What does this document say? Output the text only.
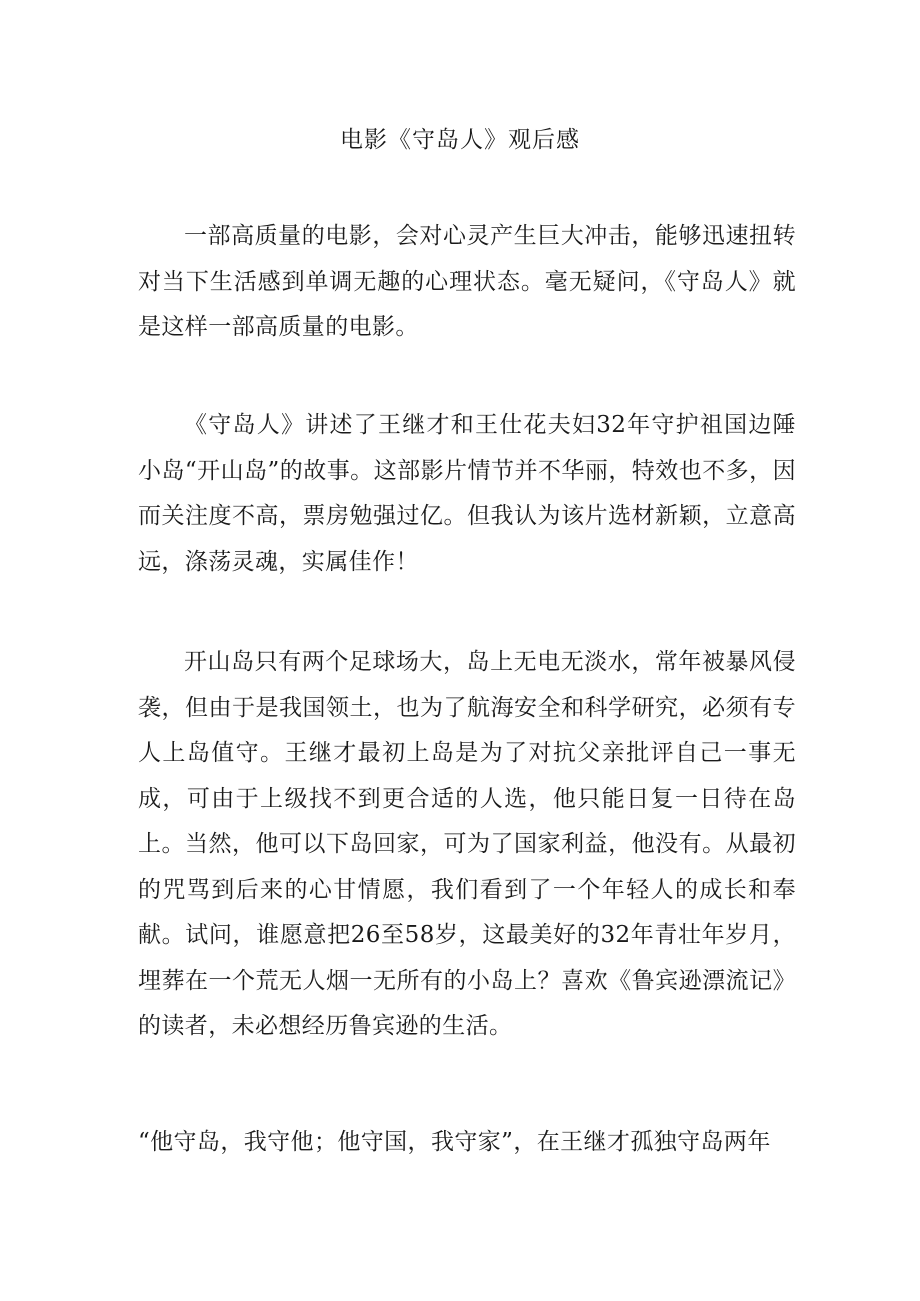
电影《守岛人》观后感

一部高质量的电影，会对心灵产生巨大冲击，能够迅速扭转对当下生活感到单调无趣的心理状态。毫无疑问，《守岛人》就是这样一部高质量的电影。

《守岛人》讲述了王继才和王仕花夫妇32年守护祖国边陲小岛“开山岛”的故事。这部影片情节并不华丽，特效也不多，因而关注度不高，票房勉强过亿。但我认为该片选材新颖，立意高远，涤荡灵魂，实属佳作！

开山岛只有两个足球场大，岛上无电无淡水，常年被暴风侵袭，但由于是我国领土，也为了航海安全和科学研究，必须有专人上岛值守。王继才最初上岛是为了对抗父亲批评自己一事无成，可由于上级找不到更合适的人选，他只能日复一日待在岛上。当然，他可以下岛回家，可为了国家利益，他没有。从最初的咒骂到后来的心甘情愿，我们看到了一个年轻人的成长和奉献。试问，谁愿意把26至58岁，这最美好的32年青壮年岁月，埋葬在一个荒无人烟一无所有的小岛上？喜欢《鲁宾逊漂流记》的读者，未必想经历鲁宾逊的生活。

“他守岛，我守他；他守国，我守家”，在王继才孤独守岛两年
